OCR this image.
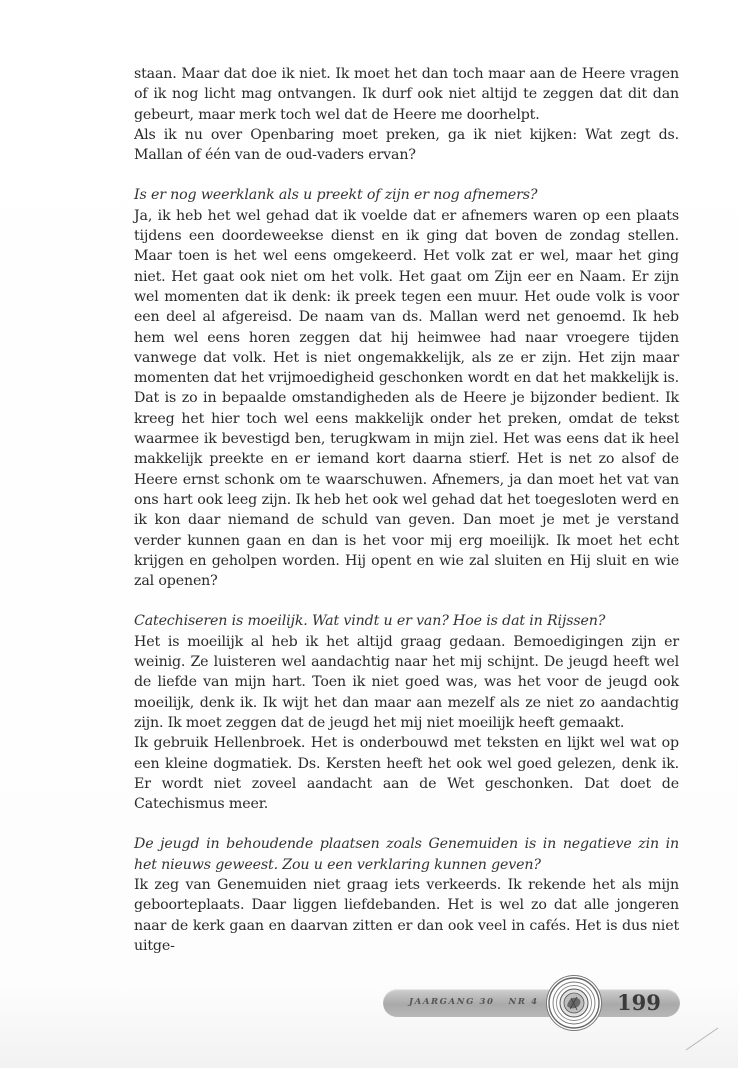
staan. Maar dat doe ik niet. Ik moet het dan toch maar aan de Heere vragen of ik nog licht mag ontvangen. Ik durf ook niet altijd te zeggen dat dit dan gebeurt, maar merk toch wel dat de Heere me doorhelpt.

Als ik nu over Openbaring moet preken, ga ik niet kijken: Wat zegt ds. Mallan of één van de oud-vaders ervan?

Is er nog weerklank als u preekt of zijn er nog afnemers?

Ja, ik heb het wel gehad dat ik voelde dat er afnemers waren op een plaats tijdens een doordeweekse dienst en ik ging dat boven de zondag stellen. Maar toen is het wel eens omgekeerd. Het volk zat er wel, maar het ging niet. Het gaat ook niet om het volk. Het gaat om Zijn eer en Naam. Er zijn wel momenten dat ik denk: ik preek tegen een muur. Het oude volk is voor een deel al afgereisd. De naam van ds. Mallan werd net genoemd. Ik heb hem wel eens horen zeggen dat hij heimwee had naar vroegere tijden vanwege dat volk. Het is niet ongemakkelijk, als ze er zijn. Het zijn maar momenten dat het vrijmoedigheid geschonken wordt en dat het makkelijk is. Dat is zo in bepaalde omstandigheden als de Heere je bijzonder bedient. Ik kreeg het hier toch wel eens makkelijk onder het preken, omdat de tekst waarmee ik bevestigd ben, terugkwam in mijn ziel. Het was eens dat ik heel makkelijk preekte en er iemand kort daarna stierf. Het is net zo alsof de Heere ernst schonk om te waarschuwen. Afnemers, ja dan moet het vat van ons hart ook leeg zijn. Ik heb het ook wel gehad dat het toegesloten werd en ik kon daar niemand de schuld van geven. Dan moet je met je verstand verder kunnen gaan en dan is het voor mij erg moeilijk. Ik moet het echt krijgen en geholpen worden. Hij opent en wie zal sluiten en Hij sluit en wie zal openen?

Catechiseren is moeilijk. Wat vindt u er van? Hoe is dat in Rijssen?

Het is moeilijk al heb ik het altijd graag gedaan. Bemoedigingen zijn er weinig. Ze luisteren wel aandachtig naar het mij schijnt. De jeugd heeft wel de liefde van mijn hart. Toen ik niet goed was, was het voor de jeugd ook moeilijk, denk ik. Ik wijt het dan maar aan mezelf als ze niet zo aandachtig zijn. Ik moet zeggen dat de jeugd het mij niet moeilijk heeft gemaakt.

Ik gebruik Hellenbroek. Het is onderbouwd met teksten en lijkt wel wat op een kleine dogmatiek. Ds. Kersten heeft het ook wel goed gelezen, denk ik. Er wordt niet zoveel aandacht aan de Wet geschonken. Dat doet de Catechismus meer.

De jeugd in behoudende plaatsen zoals Genemuiden is in negatieve zin in het nieuws geweest. Zou u een verklaring kunnen geven?

Ik zeg van Genemuiden niet graag iets verkeerds. Ik rekende het als mijn geboorteplaats. Daar liggen liefdebanden. Het is wel zo dat alle jongeren naar de kerk gaan en daarvan zitten er dan ook veel in cafés. Het is dus niet uitge-

JAARGANG 30 NR 4	199
